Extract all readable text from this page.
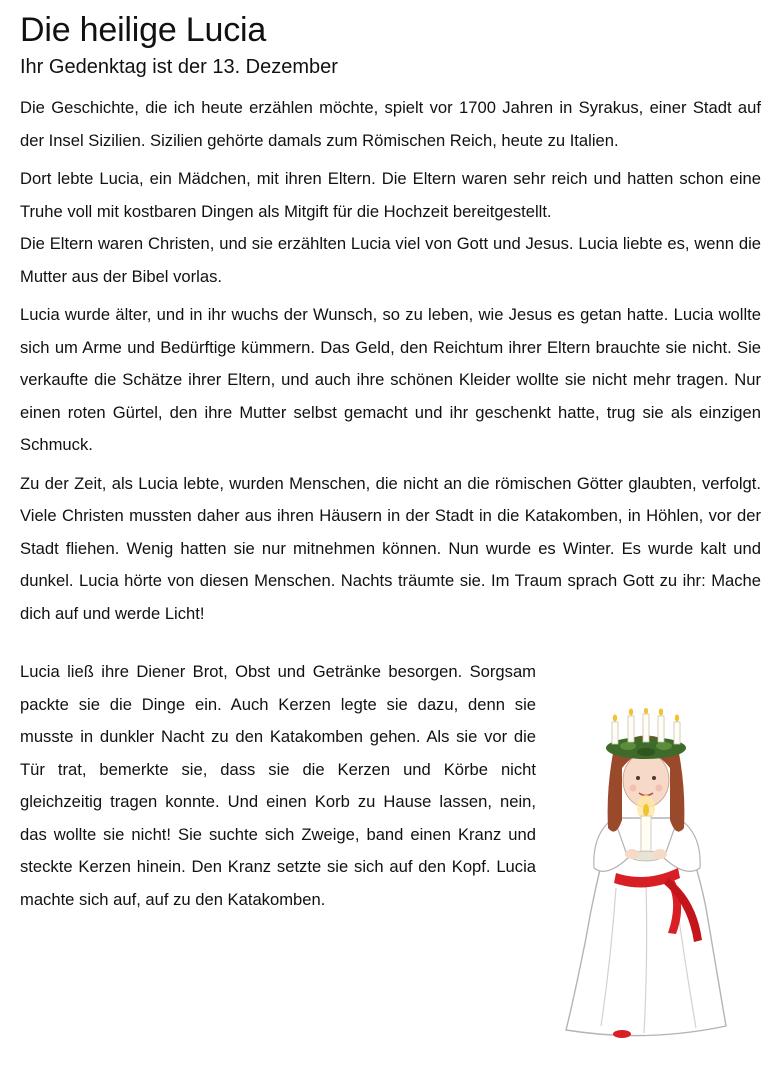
Die heilige Lucia
Ihr Gedenktag ist der 13. Dezember

Die Geschichte, die ich heute erzählen möchte, spielt vor 1700 Jahren in Syrakus, einer Stadt auf der Insel Sizilien. Sizilien gehörte damals zum Römischen Reich, heute zu Italien.

Dort lebte Lucia, ein Mädchen, mit ihren Eltern. Die Eltern waren sehr reich und hatten schon eine Truhe voll mit kostbaren Dingen als Mitgift für die Hochzeit bereitgestellt.

Die Eltern waren Christen, und sie erzählten Lucia viel von Gott und Jesus. Lucia liebte es, wenn die Mutter aus der Bibel vorlas.

Lucia wurde älter, und in ihr wuchs der Wunsch, so zu leben, wie Jesus es getan hatte. Lucia wollte sich um Arme und Bedürftige kümmern. Das Geld, den Reichtum ihrer Eltern brauchte sie nicht. Sie verkaufte die Schätze ihrer Eltern, und auch ihre schönen Kleider wollte sie nicht mehr tragen. Nur einen roten Gürtel, den ihre Mutter selbst gemacht und ihr geschenkt hatte, trug sie als einzigen Schmuck.

Zu der Zeit, als Lucia lebte, wurden Menschen, die nicht an die römischen Götter glaubten, verfolgt. Viele Christen mussten daher aus ihren Häusern in der Stadt in die Katakomben, in Höhlen, vor der Stadt fliehen. Wenig hatten sie nur mitnehmen können. Nun wurde es Winter. Es wurde kalt und dunkel. Lucia hörte von diesen Menschen. Nachts träumte sie. Im Traum sprach Gott zu ihr: Mache dich auf und werde Licht!

Lucia ließ ihre Diener Brot, Obst und Getränke besorgen. Sorgsam packte sie die Dinge ein. Auch Kerzen legte sie dazu, denn sie musste in dunkler Nacht zu den Katakomben gehen. Als sie vor die Tür trat, bemerkte sie, dass sie die Kerzen und Körbe nicht gleichzeitig tragen konnte. Und einen Korb zu Hause lassen, nein, das wollte sie nicht! Sie suchte sich Zweige, band einen Kranz und steckte Kerzen hinein. Den Kranz setzte sie sich auf den Kopf. Lucia machte sich auf, auf zu den Katakomben.
